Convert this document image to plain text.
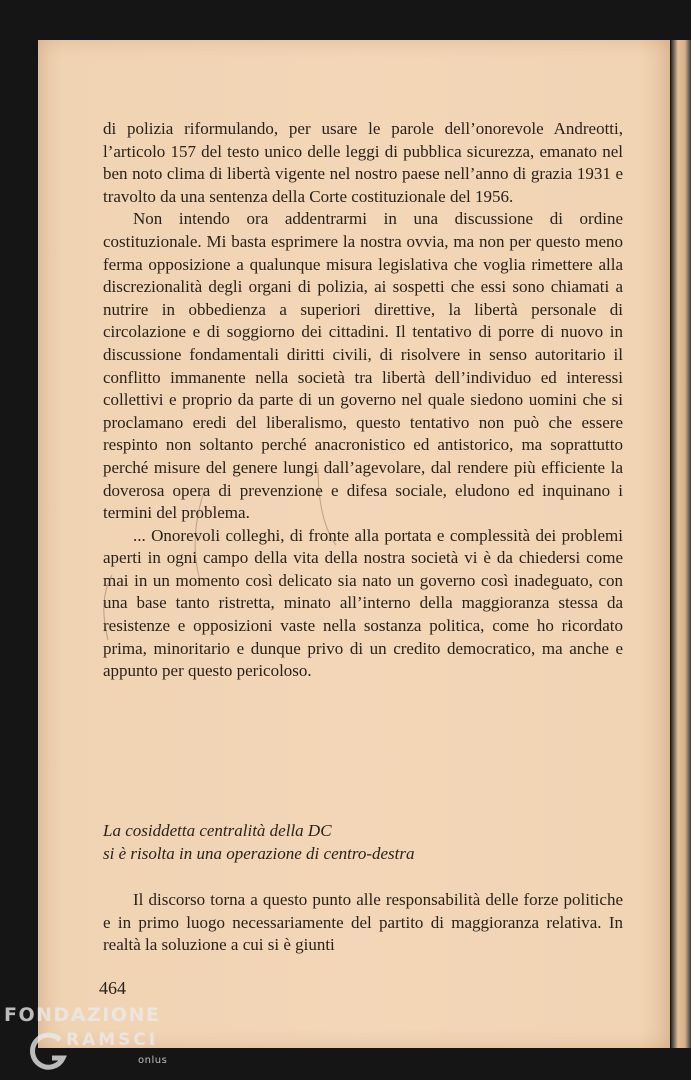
di polizia riformulando, per usare le parole dell’onorevole Andreotti, l’articolo 157 del testo unico delle leggi di pubblica sicurezza, emanato nel ben noto clima di libertà vigente nel nostro paese nell’anno di grazia 1931 e travolto da una sentenza della Corte costituzionale del 1956.

Non intendo ora addentrarmi in una discussione di ordine costituzionale. Mi basta esprimere la nostra ovvia, ma non per questo meno ferma opposizione a qualunque misura legislativa che voglia rimettere alla discrezionalità degli organi di polizia, ai sospetti che essi sono chiamati a nutrire in obbedienza a superiori direttive, la libertà personale di circolazione e di soggiorno dei cittadini. Il tentativo di porre di nuovo in discussione fondamentali diritti civili, di risolvere in senso autoritario il conflitto immanente nella società tra libertà dell’individuo ed interessi collettivi e proprio da parte di un governo nel quale siedono uomini che si proclamano eredi del liberalismo, questo tentativo non può che essere respinto non soltanto perché anacronistico ed antistorico, ma soprattutto perché misure del genere lungi dall’agevolare, dal rendere più efficiente la doverosa opera di prevenzione e difesa sociale, eludono ed inquinano i termini del problema.

... Onorevoli colleghi, di fronte alla portata e complessità dei problemi aperti in ogni campo della vita della nostra società vi è da chiedersi come mai in un momento così delicato sia nato un governo così inadeguato, con una base tanto ristretta, minato all’interno della maggioranza stessa da resistenze e opposizioni vaste nella sostanza politica, come ho ricordato prima, minoritario e dunque privo di un credito democratico, ma anche e appunto per questo pericoloso.

La cosiddetta centralità della DC
si è risolta in una operazione di centro-destra

Il discorso torna a questo punto alle responsabilità delle forze politiche e in primo luogo necessariamente del partito di maggioranza relativa. In realtà la soluzione a cui si è giunti

464
FONDAZIONE
RAMSCI
onlus
